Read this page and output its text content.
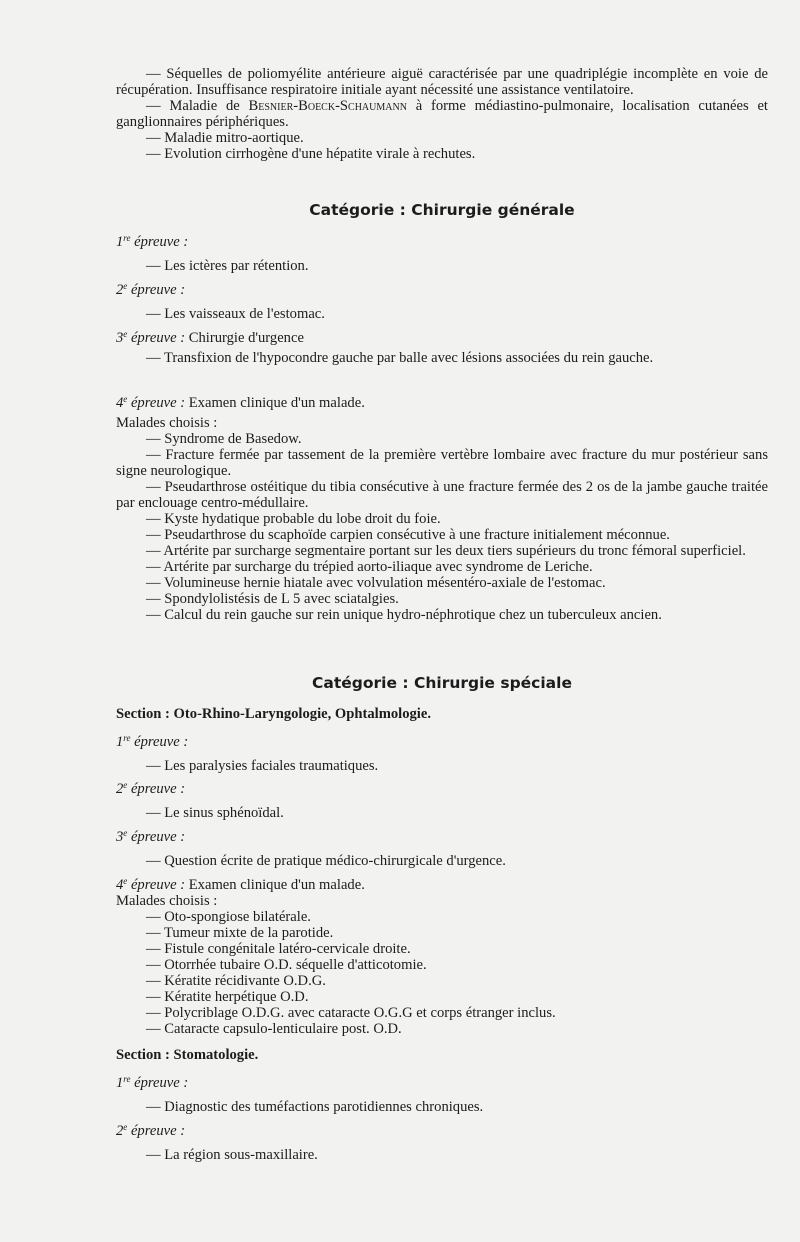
— Séquelles de poliomyélite antérieure aiguë caractérisée par une quadriplégie incomplète en voie de récupération. Insuffisance respiratoire initiale ayant nécessité une assistance ventilatoire.

— Maladie de Besnier-Boeck-Schaumann à forme médiastino-pulmonaire, localisation cutanées et ganglionnaires périphériques.

— Maladie mitro-aortique.

— Evolution cirrhogène d'une hépatite virale à rechutes.

Catégorie : Chirurgie générale

1re épreuve :

— Les ictères par rétention.

2e épreuve :

— Les vaisseaux de l'estomac.

3e épreuve : Chirurgie d'urgence

— Transfixion de l'hypocondre gauche par balle avec lésions associées du rein gauche.

4e épreuve : Examen clinique d'un malade.

Malades choisis :

— Syndrome de Basedow.

— Fracture fermée par tassement de la première vertèbre lombaire avec fracture du mur postérieur sans signe neurologique.

— Pseudarthrose ostéitique du tibia consécutive à une fracture fermée des 2 os de la jambe gauche traitée par enclouage centro-médullaire.

— Kyste hydatique probable du lobe droit du foie.

— Pseudarthrose du scaphoïde carpien consécutive à une fracture initialement méconnue.

— Artérite par surcharge segmentaire portant sur les deux tiers supérieurs du tronc fémoral superficiel.

— Artérite par surcharge du trépied aorto-iliaque avec syndrome de Leriche.

— Volumineuse hernie hiatale avec volvulation mésentéro-axiale de l'estomac.

— Spondylolistésis de L 5 avec sciatalgies.

— Calcul du rein gauche sur rein unique hydro-néphrotique chez un tuberculeux ancien.

Catégorie : Chirurgie spéciale

Section : Oto-Rhino-Laryngologie, Ophtalmologie.

1re épreuve :

— Les paralysies faciales traumatiques.

2e épreuve :

— Le sinus sphénoïdal.

3e épreuve :

— Question écrite de pratique médico-chirurgicale d'urgence.

4e épreuve : Examen clinique d'un malade.

Malades choisis :

— Oto-spongiose bilatérale.

— Tumeur mixte de la parotide.

— Fistule congénitale latéro-cervicale droite.

— Otorrhée tubaire O.D. séquelle d'atticotomie.

— Kératite récidivante O.D.G.

— Kératite herpétique O.D.

— Polycriblage O.D.G. avec cataracte O.G.G et corps étranger inclus.

— Cataracte capsulo-lenticulaire post. O.D.

Section : Stomatologie.

1re épreuve :

— Diagnostic des tuméfactions parotidiennes chroniques.

2e épreuve :

— La région sous-maxillaire.
